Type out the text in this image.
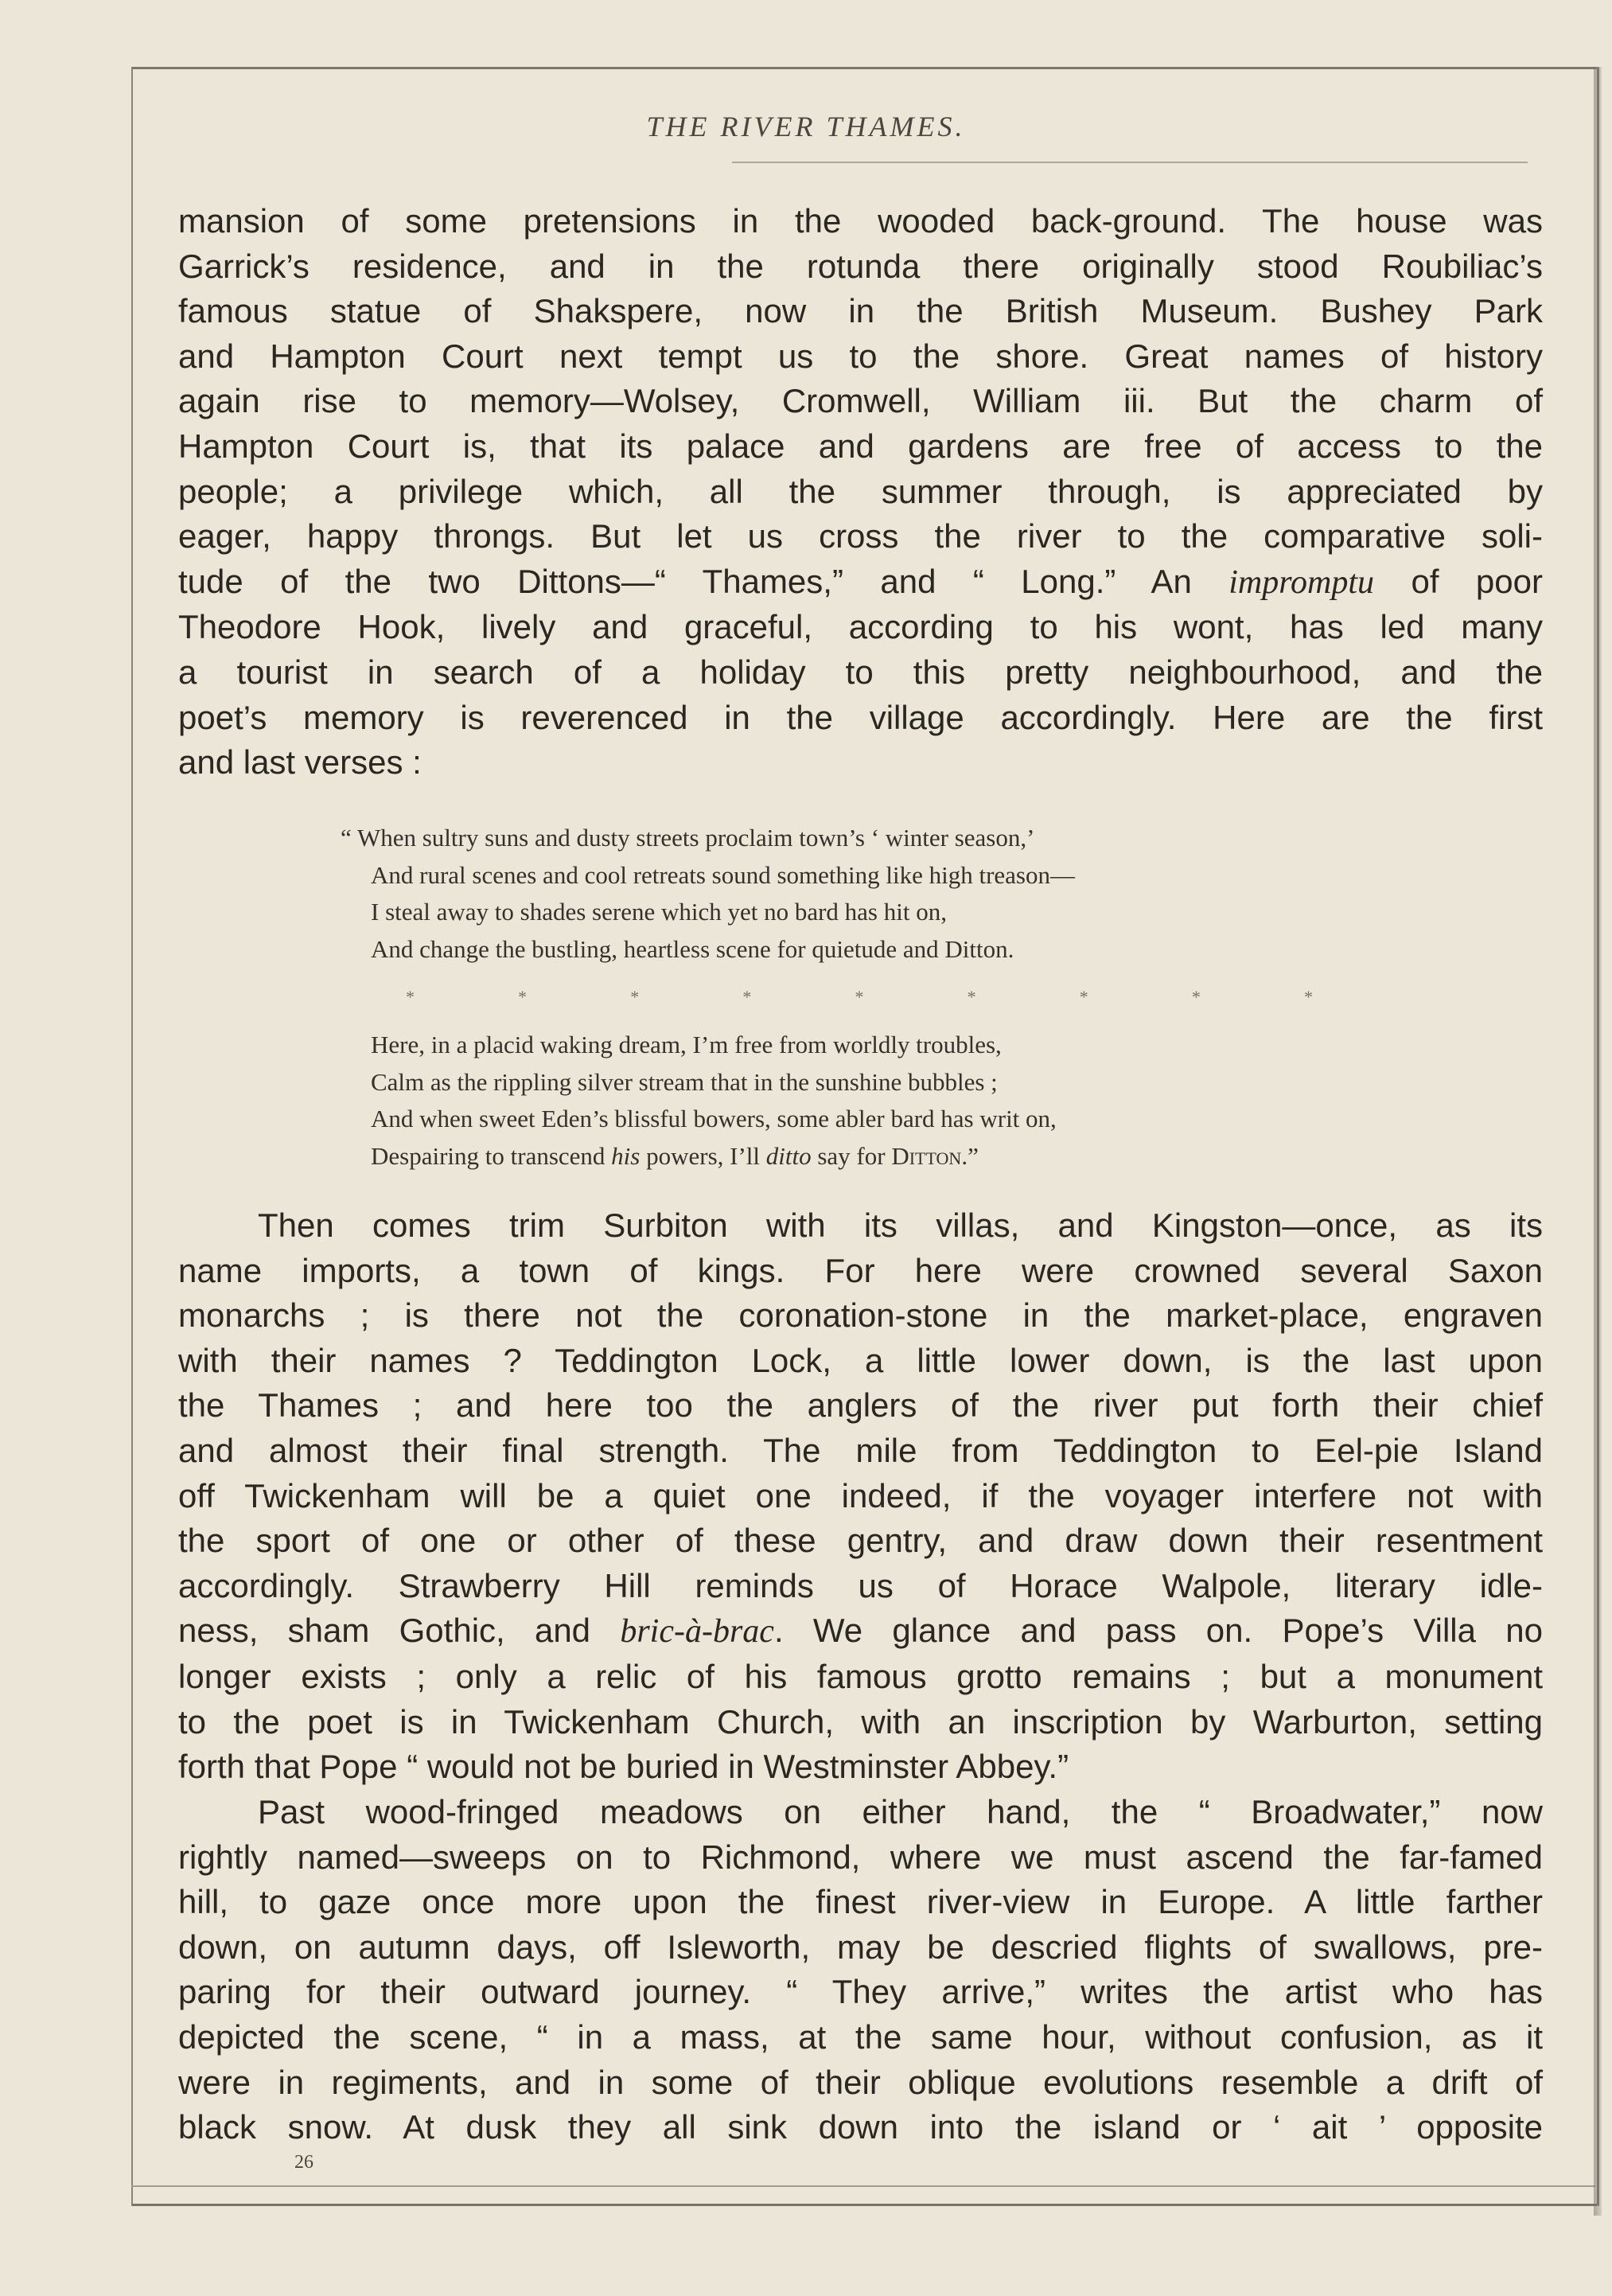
THE RIVER THAMES.
mansion of some pretensions in the wooded back-ground. The house was
Garrick’s residence, and in the rotunda there originally stood Roubiliac’s
famous statue of Shakspere, now in the British Museum. Bushey Park
and Hampton Court next tempt us to the shore. Great names of history
again rise to memory—Wolsey, Cromwell, William iii. But the charm of
Hampton Court is, that its palace and gardens are free of access to the
people; a privilege which, all the summer through, is appreciated by
eager, happy throngs. But let us cross the river to the comparative soli-
tude of the two Dittons—“ Thames,” and “ Long.” An impromptu of poor
Theodore Hook, lively and graceful, according to his wont, has led many
a tourist in search of a holiday to this pretty neighbourhood, and the
poet’s memory is reverenced in the village accordingly. Here are the first
and last verses :
“ When sultry suns and dusty streets proclaim town’s ‘ winter season,’
And rural scenes and cool retreats sound something like high treason—
I steal away to shades serene which yet no bard has hit on,
And change the bustling, heartless scene for quietude and Ditton.
*	*	*	*	*	*	*	*	*
Here, in a placid waking dream, I’m free from worldly troubles,
Calm as the rippling silver stream that in the sunshine bubbles ;
And when sweet Eden’s blissful bowers, some abler bard has writ on,
Despairing to transcend his powers, I’ll ditto say for Ditton.”
Then comes trim Surbiton with its villas, and Kingston—once, as its
name imports, a town of kings. For here were crowned several Saxon
monarchs ; is there not the coronation-stone in the market-place, engraven
with their names ? Teddington Lock, a little lower down, is the last upon
the Thames ; and here too the anglers of the river put forth their chief
and almost their final strength. The mile from Teddington to Eel-pie Island
off Twickenham will be a quiet one indeed, if the voyager interfere not with
the sport of one or other of these gentry, and draw down their resentment
accordingly. Strawberry Hill reminds us of Horace Walpole, literary idle-
ness, sham Gothic, and bric-à-brac. We glance and pass on. Pope’s Villa no
longer exists ; only a relic of his famous grotto remains ; but a monument
to the poet is in Twickenham Church, with an inscription by Warburton, setting
forth that Pope “ would not be buried in Westminster Abbey.”
Past wood-fringed meadows on either hand, the “ Broadwater,” now
rightly named—sweeps on to Richmond, where we must ascend the far-famed
hill, to gaze once more upon the finest river-view in Europe. A little farther
down, on autumn days, off Isleworth, may be descried flights of swallows, pre-
paring for their outward journey. “ They arrive,” writes the artist who has
depicted the scene, “ in a mass, at the same hour, without confusion, as it
were in regiments, and in some of their oblique evolutions resemble a drift of
black snow. At dusk they all sink down into the island or ‘ ait ’ opposite
26
